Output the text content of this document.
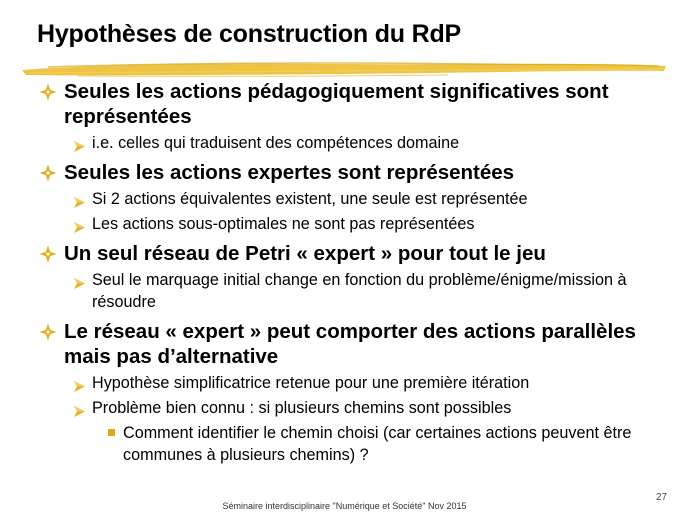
Hypothèses de construction du RdP
Seules les actions pédagogiquement significatives sont représentées
i.e. celles qui traduisent des compétences domaine
Seules les actions expertes sont représentées
Si 2 actions équivalentes existent, une seule est représentée
Les actions sous-optimales ne sont pas représentées
Un seul réseau de Petri « expert » pour tout le jeu
Seul le marquage initial change en fonction du problème/énigme/mission à résoudre
Le réseau « expert » peut comporter des actions parallèles mais pas d’alternative
Hypothèse simplificatrice retenue pour une première itération
Problème bien connu : si plusieurs chemins sont possibles
Comment identifier le chemin choisi (car certaines actions peuvent être communes à plusieurs chemins) ?
Séminaire interdisciplinaire "Numérique et Société" Nov 2015
27
